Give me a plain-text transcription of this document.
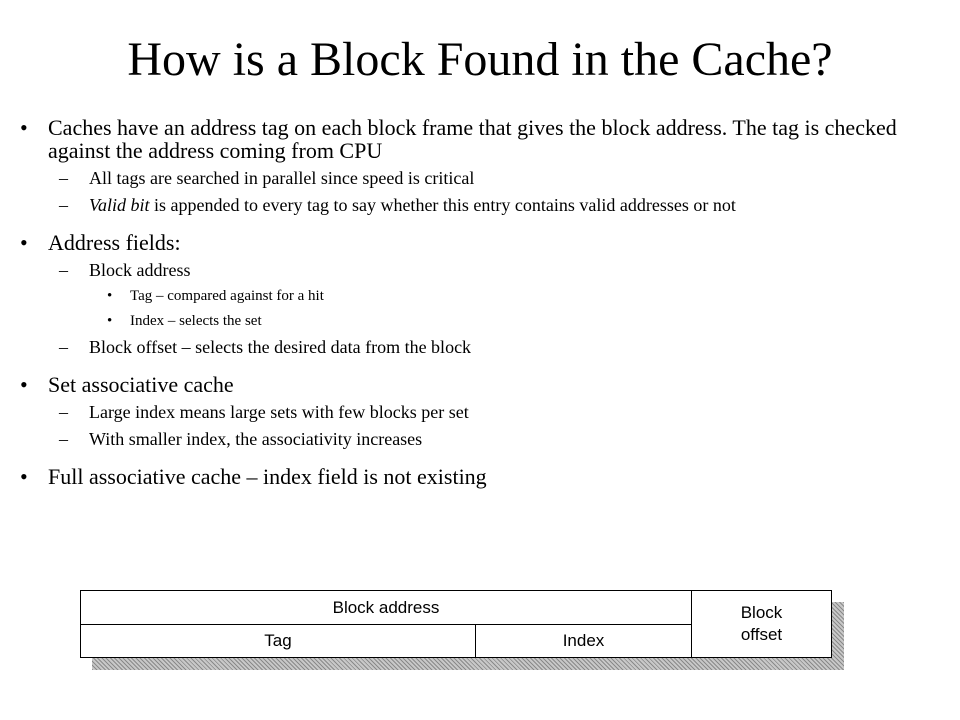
How is a Block Found in the Cache?
• Caches have an address tag on each block frame that gives the block address. The tag is checked against the address coming from CPU
– All tags are searched in parallel since speed is critical
– Valid bit is appended to every tag to say whether this entry contains valid addresses or not
• Address fields:
– Block address
• Tag – compared against for a hit
• Index – selects the set
– Block offset – selects the desired data from the block
• Set associative cache
– Large index means large sets with few blocks per set
– With smaller index, the associativity increases
• Full associative cache – index field is not existing
Block address
Tag	Index
Block
offset
